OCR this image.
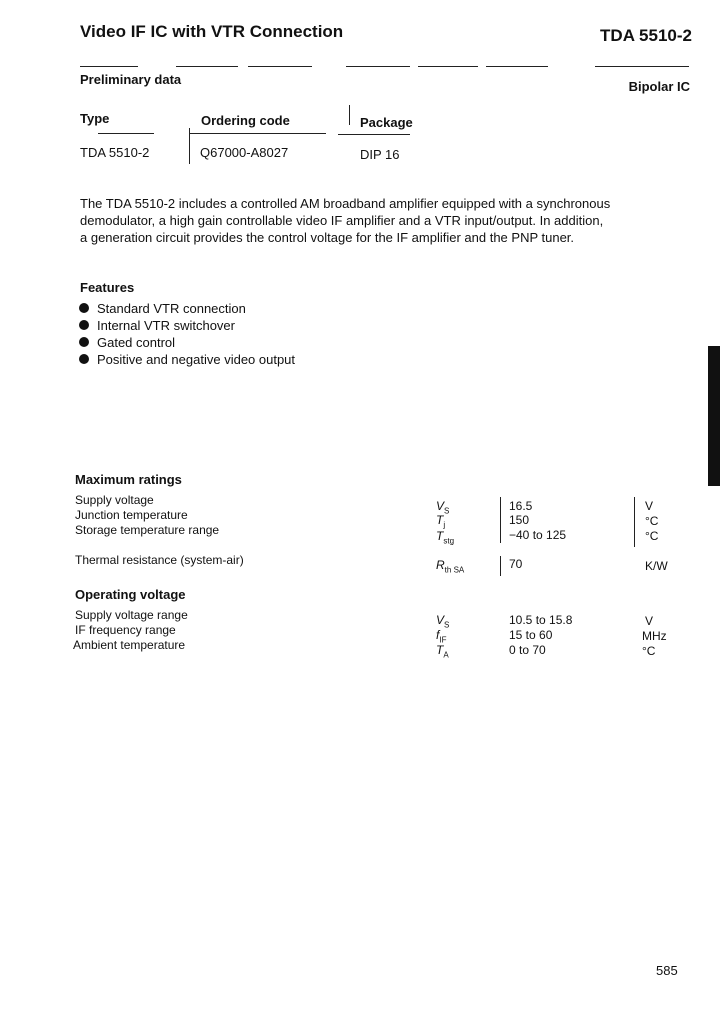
Video IF IC with VTR Connection	TDA 5510-2
Preliminary data	Bipolar IC
Type	Ordering code	Package
TDA 5510-2	Q67000-A8027	DIP 16
The TDA 5510-2 includes a controlled AM broadband amplifier equipped with a synchronous
demodulator, a high gain controllable video IF amplifier and a VTR input/output. In addition,
a generation circuit provides the control voltage for the IF amplifier and the PNP tuner.
Features
Standard VTR connection
Internal VTR switchover
Gated control
Positive and negative video output
Maximum ratings
Supply voltage	$V_S$	16.5	V
Junction temperature	$T_j$	150	°C
Storage temperature range	$T_{stg}$	−40 to 125	°C
Thermal resistance (system-air)	$R_{th SA}$	70	K/W
Operating voltage
Supply voltage range	$V_S$	10.5 to 15.8	V
IF frequency range	$f_{IF}$	15 to 60	MHz
Ambient temperature	$T_A$	0 to 70	°C
585
